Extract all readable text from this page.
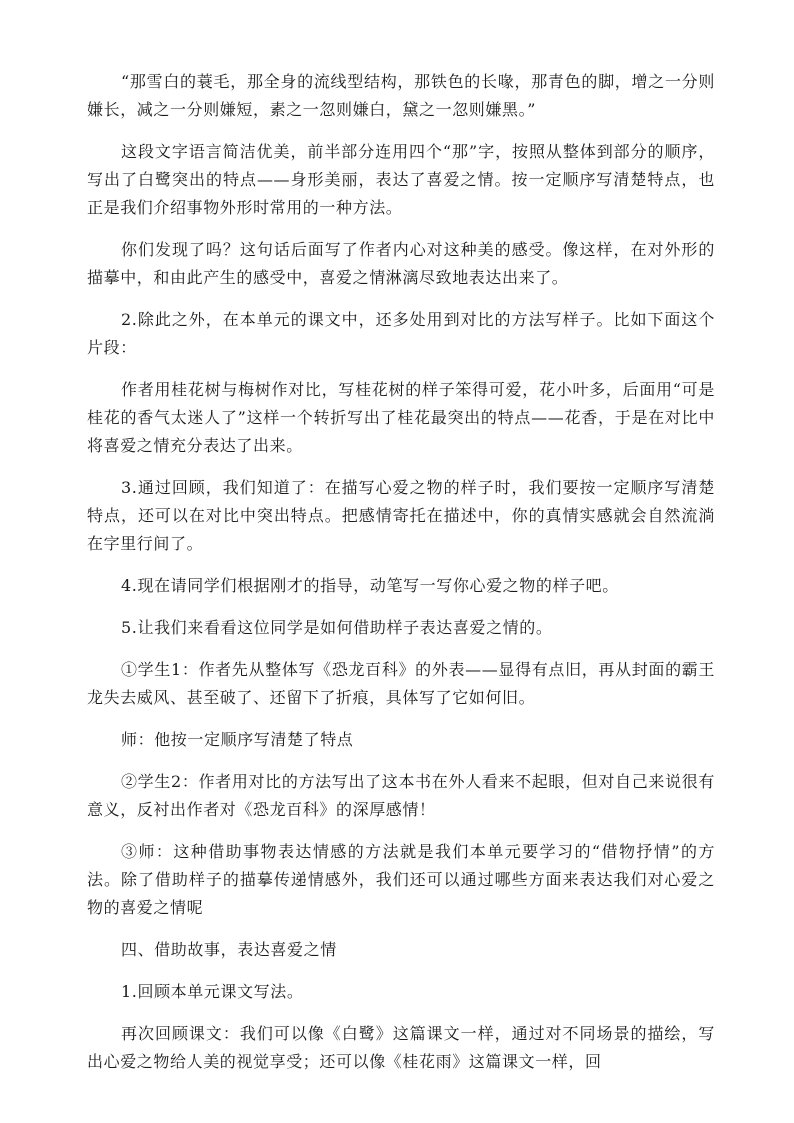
“那雪白的蓑毛，那全身的流线型结构，那铁色的长喙，那青色的脚，增之一分则嫌长，减之一分则嫌短，素之一忽则嫌白，黛之一忽则嫌黑。”

这段文字语言简洁优美，前半部分连用四个“那”字，按照从整体到部分的顺序，写出了白鹭突出的特点——身形美丽，表达了喜爱之情。按一定顺序写清楚特点，也正是我们介绍事物外形时常用的一种方法。

你们发现了吗？这句话后面写了作者内心对这种美的感受。像这样，在对外形的描摹中，和由此产生的感受中，喜爱之情淋漓尽致地表达出来了。

2.除此之外，在本单元的课文中，还多处用到对比的方法写样子。比如下面这个片段：

作者用桂花树与梅树作对比，写桂花树的样子笨得可爱，花小叶多，后面用“可是桂花的香气太迷人了”这样一个转折写出了桂花最突出的特点——花香，于是在对比中将喜爱之情充分表达了出来。

3.通过回顾，我们知道了：在描写心爱之物的样子时，我们要按一定顺序写清楚特点，还可以在对比中突出特点。把感情寄托在描述中，你的真情实感就会自然流淌在字里行间了。

4.现在请同学们根据刚才的指导，动笔写一写你心爱之物的样子吧。

5.让我们来看看这位同学是如何借助样子表达喜爱之情的。

①学生1：作者先从整体写《恐龙百科》的外表——显得有点旧，再从封面的霸王龙失去威风、甚至破了、还留下了折痕，具体写了它如何旧。

师：他按一定顺序写清楚了特点

②学生2：作者用对比的方法写出了这本书在外人看来不起眼，但对自己来说很有意义，反衬出作者对《恐龙百科》的深厚感情！

③师：这种借助事物表达情感的方法就是我们本单元要学习的“借物抒情”的方法。除了借助样子的描摹传递情感外，我们还可以通过哪些方面来表达我们对心爱之物的喜爱之情呢

四、借助故事，表达喜爱之情

1.回顾本单元课文写法。

再次回顾课文：我们可以像《白鹭》这篇课文一样，通过对不同场景的描绘，写出心爱之物给人美的视觉享受；还可以像《桂花雨》这篇课文一样，回
